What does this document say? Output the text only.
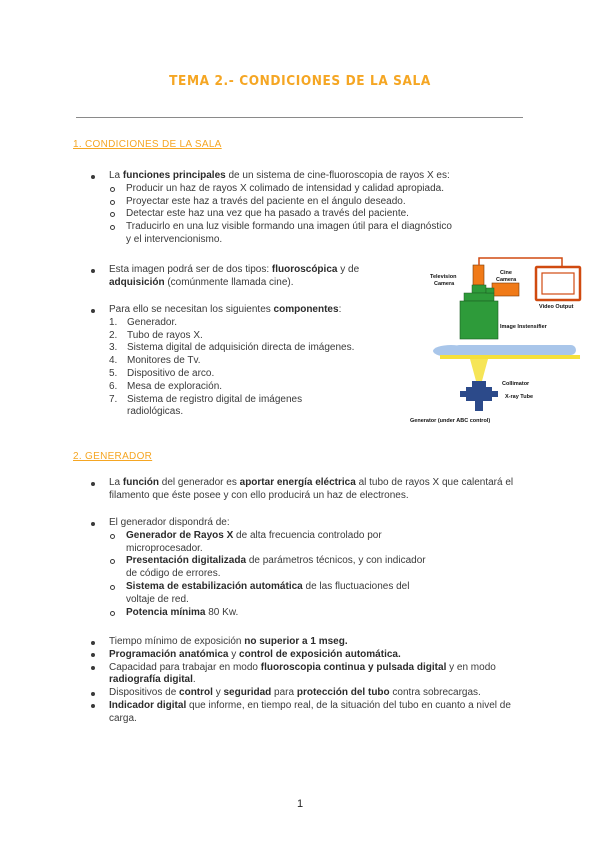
TEMA 2.- CONDICIONES DE LA SALA
1. CONDICIONES DE LA SALA
La funciones principales de un sistema de cine-fluoroscopia de rayos X es:
Producir un haz de rayos X colimado de intensidad y calidad apropiada.
Proyectar este haz a través del paciente en el ángulo deseado.
Detectar este haz una vez que ha pasado a través del paciente.
Traducirlo en una luz visible formando una imagen útil para el diagnóstico y el intervencionismo.
Esta imagen podrá ser de dos tipos: fluoroscópica y de adquisición (comúnmente llamada cine).
Para ello se necesitan los siguientes componentes:
1. Generador.
2. Tubo de rayos X.
3. Sistema digital de adquisición directa de imágenes.
4. Monitores de Tv.
5. Dispositivo de arco.
6. Mesa de exploración.
7. Sistema de registro digital de imágenes radiológicas.
Television
Camera
Cine
Camera
Image Instensifier
Video Output
Collimator
X-ray Tube
Generator (under ABC control)
2. GENERADOR
La función del generador es aportar energía eléctrica al tubo de rayos X que calentará el filamento que éste posee y con ello producirá un haz de electrones.
El generador dispondrá de:
Generador de Rayos X de alta frecuencia controlado por microprocesador.
Presentación digitalizada de parámetros técnicos, y con indicador de código de errores.
Sistema de estabilización automática de las fluctuaciones del voltaje de red.
Potencia mínima 80 Kw.
Tiempo mínimo de exposición no superior a 1 mseg.
Programación anatómica y control de exposición automática.
Capacidad para trabajar en modo fluoroscopia continua y pulsada digital y en modo radiografía digital.
Dispositivos de control y seguridad para protección del tubo contra sobrecargas.
Indicador digital que informe, en tiempo real, de la situación del tubo en cuanto a nivel de carga.
1
